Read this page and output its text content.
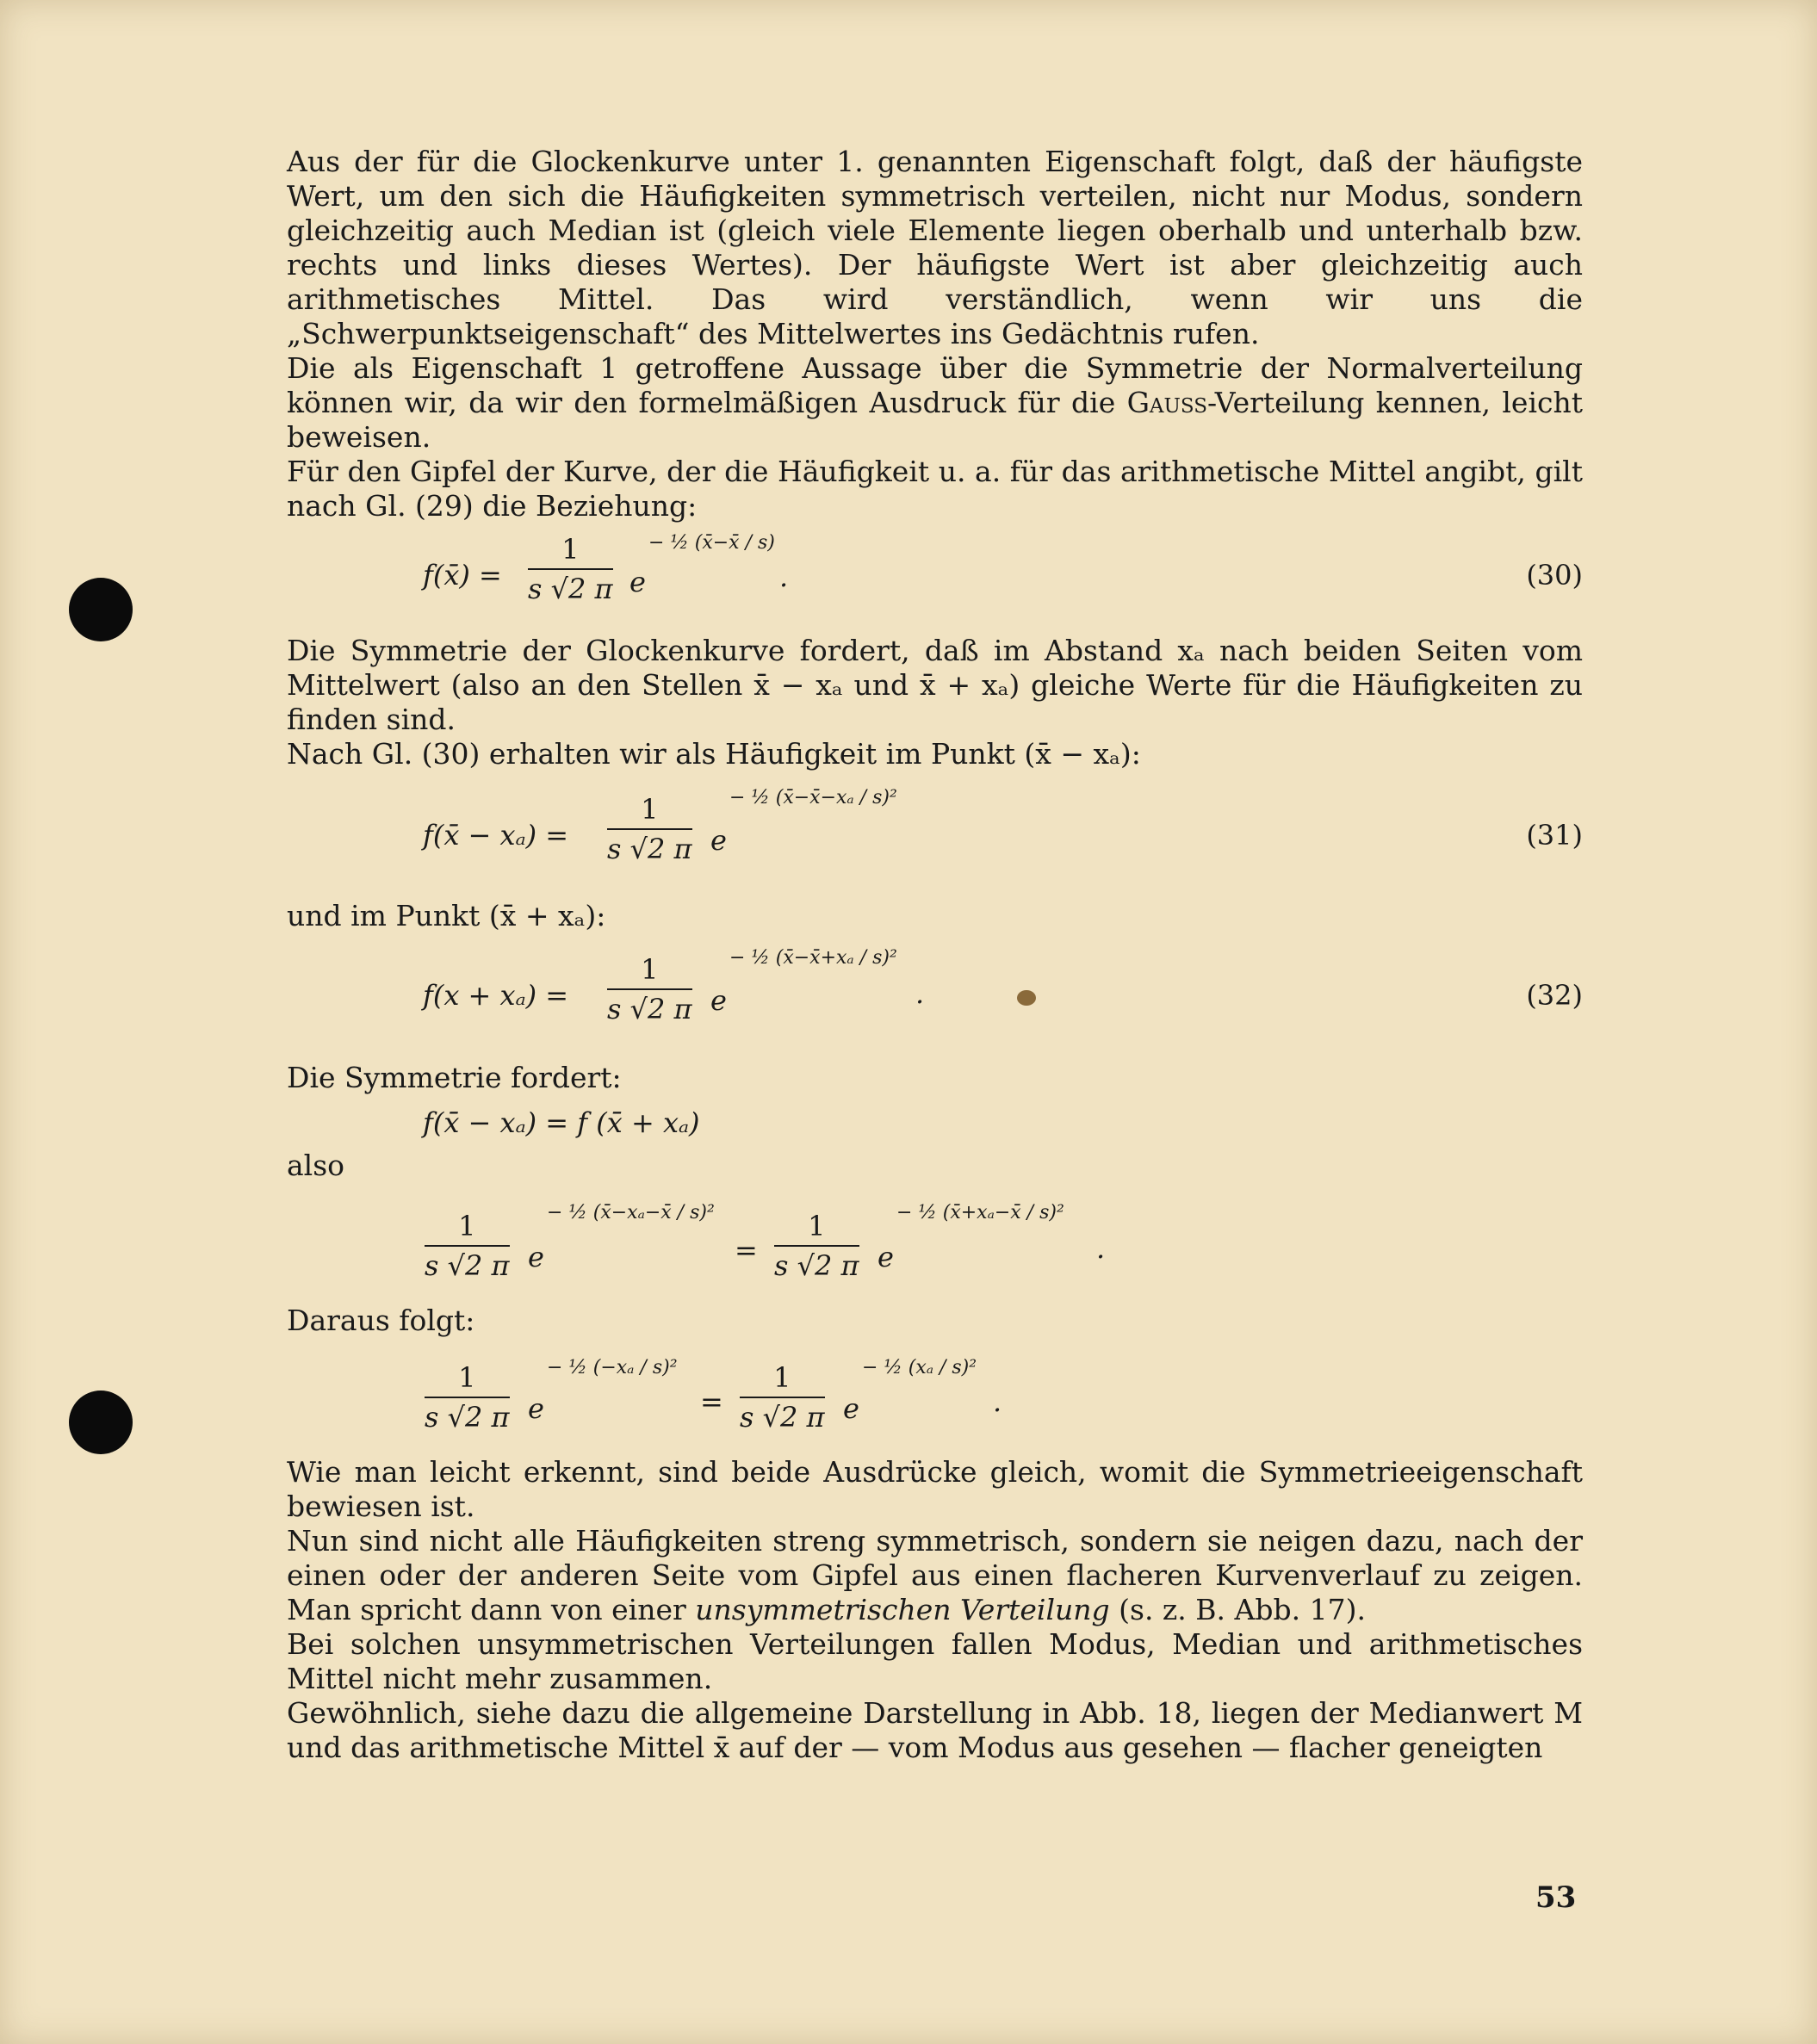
Aus der für die Glockenkurve unter 1. genannten Eigenschaft folgt, daß der häufigste Wert, um den sich die Häufigkeiten symmetrisch verteilen, nicht nur Modus, sondern gleichzeitig auch Median ist (gleich viele Elemente liegen oberhalb und unterhalb bzw. rechts und links dieses Wertes). Der häufigste Wert ist aber gleichzeitig auch arithmetisches Mittel. Das wird verständlich, wenn wir uns die „Schwerpunktseigenschaft“ des Mittelwertes ins Gedächtnis rufen.

Die als Eigenschaft 1 getroffene Aussage über die Symmetrie der Normalverteilung können wir, da wir den formelmäßigen Ausdruck für die Gauss-Verteilung kennen, leicht beweisen.

Für den Gipfel der Kurve, der die Häufigkeit u. a. für das arithmetische Mittel angibt, gilt nach Gl. (29) die Beziehung:

f(x̄) = $\frac{1}{s √2 \pi}$ e
− ½ (x̄−x̄ / s)
.	(30)

Die Symmetrie der Glockenkurve fordert, daß im Abstand xₐ nach beiden Seiten vom Mittelwert (also an den Stellen x̄ − xₐ und x̄ + xₐ) gleiche Werte für die Häufigkeiten zu finden sind.

Nach Gl. (30) erhalten wir als Häufigkeit im Punkt (x̄ − xₐ):

f(x̄ − $x_a) = \frac{1}{s √2 \pi}$ e
− ½ (x̄−x̄−xₐ / s)²
(31)

und im Punkt (x̄ + xₐ):

$f(x + x_a) = \frac{1}{s √2 \pi}$ e
− ½ (x̄−x̄+xₐ / s)²
.	(32)

Die Symmetrie fordert:

f(x̄ − xₐ) = f (x̄ + xₐ)

also

$\frac{1}{s √2 \pi}$ e
− ½ (x̄−xₐ−x̄ / s)²
= $\frac{1}{s √2 \pi}$ e
− ½ (x̄+xₐ−x̄ / s)²
.

Daraus folgt:

$\frac{1}{s √2 \pi}$ e
− ½ (−xₐ / s)²
= $\frac{1}{s √2 \pi}$ e
− ½ (xₐ / s)²
.

Wie man leicht erkennt, sind beide Ausdrücke gleich, womit die Symmetrieeigenschaft bewiesen ist.

Nun sind nicht alle Häufigkeiten streng symmetrisch, sondern sie neigen dazu, nach der einen oder der anderen Seite vom Gipfel aus einen flacheren Kurvenverlauf zu zeigen. Man spricht dann von einer unsymmetrischen Verteilung (s. z. B. Abb. 17).

Bei solchen unsymmetrischen Verteilungen fallen Modus, Median und arithmetisches Mittel nicht mehr zusammen.

Gewöhnlich, siehe dazu die allgemeine Darstellung in Abb. 18, liegen der Medianwert M und das arithmetische Mittel x̄ auf der — vom Modus aus gesehen — flacher geneigten

53
